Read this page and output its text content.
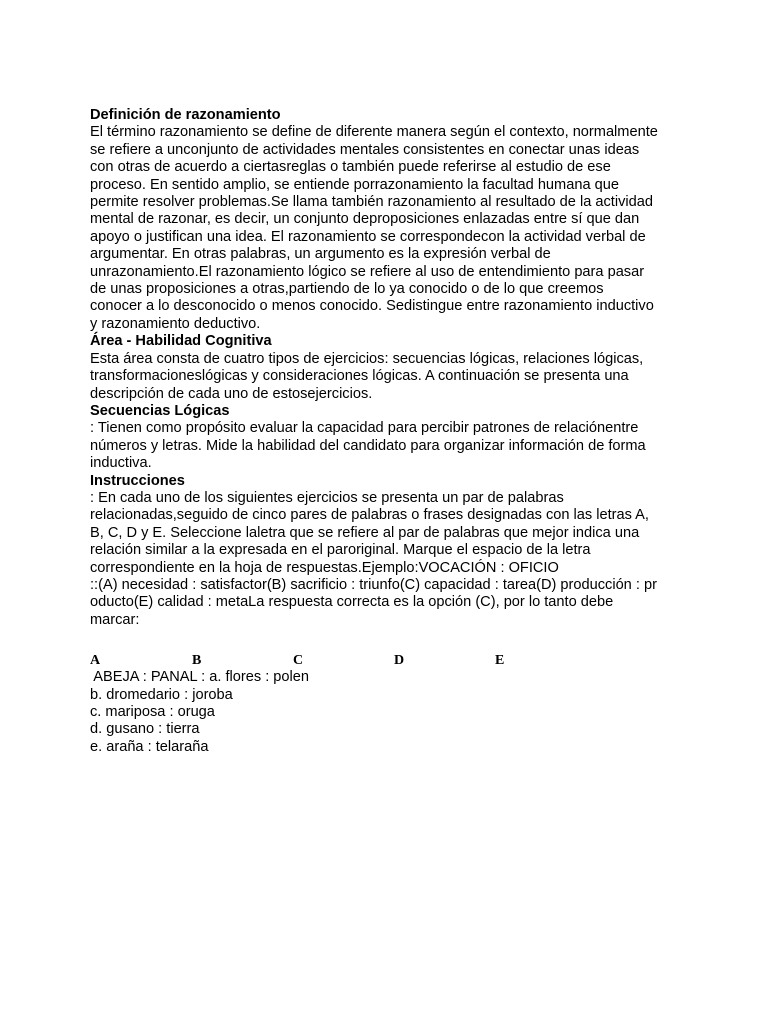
Definición de razonamiento
El término razonamiento se define de diferente manera según el contexto, normalmente
se refiere a unconjunto de actividades mentales consistentes en conectar unas ideas
con otras de acuerdo a ciertasreglas o también puede referirse al estudio de ese
proceso. En sentido amplio, se entiende porrazonamiento la facultad humana que
permite resolver problemas.Se llama también razonamiento al resultado de la actividad
mental de razonar, es decir, un conjunto deproposiciones enlazadas entre sí que dan
apoyo o justifican una idea. El razonamiento se correspondecon la actividad verbal de
argumentar. En otras palabras, un argumento es la expresión verbal de
unrazonamiento.El razonamiento lógico se refiere al uso de entendimiento para pasar
de unas proposiciones a otras,partiendo de lo ya conocido o de lo que creemos
conocer a lo desconocido o menos conocido. Sedistingue entre razonamiento inductivo
y razonamiento deductivo.
Área - Habilidad Cognitiva
Esta área consta de cuatro tipos de ejercicios: secuencias lógicas, relaciones lógicas,
transformacioneslógicas y consideraciones lógicas. A continuación se presenta una
descripción de cada uno de estosejercicios.
Secuencias Lógicas
: Tienen como propósito evaluar la capacidad para percibir patrones de relaciónentre
números y letras. Mide la habilidad del candidato para organizar información de forma
inductiva.
Instrucciones
: En cada uno de los siguientes ejercicios se presenta un par de palabras
relacionadas,seguido de cinco pares de palabras o frases designadas con las letras A,
B, C, D y E. Seleccione laletra que se refiere al par de palabras que mejor indica una
relación similar a la expresada en el paroriginal. Marque el espacio de la letra
correspondiente en la hoja de respuestas.Ejemplo:VOCACIÓN : OFICIO
::(A) necesidad : satisfactor(B) sacrificio : triunfo(C) capacidad : tarea(D) producción : pr
oducto(E) calidad : metaLa respuesta correcta es la opción (C), por lo tanto debe
marcar:
A	B	C	D	E
ABEJA : PANAL : a. flores : polen
b. dromedario : joroba
c. mariposa : oruga
d. gusano : tierra
e. araña : telaraña
